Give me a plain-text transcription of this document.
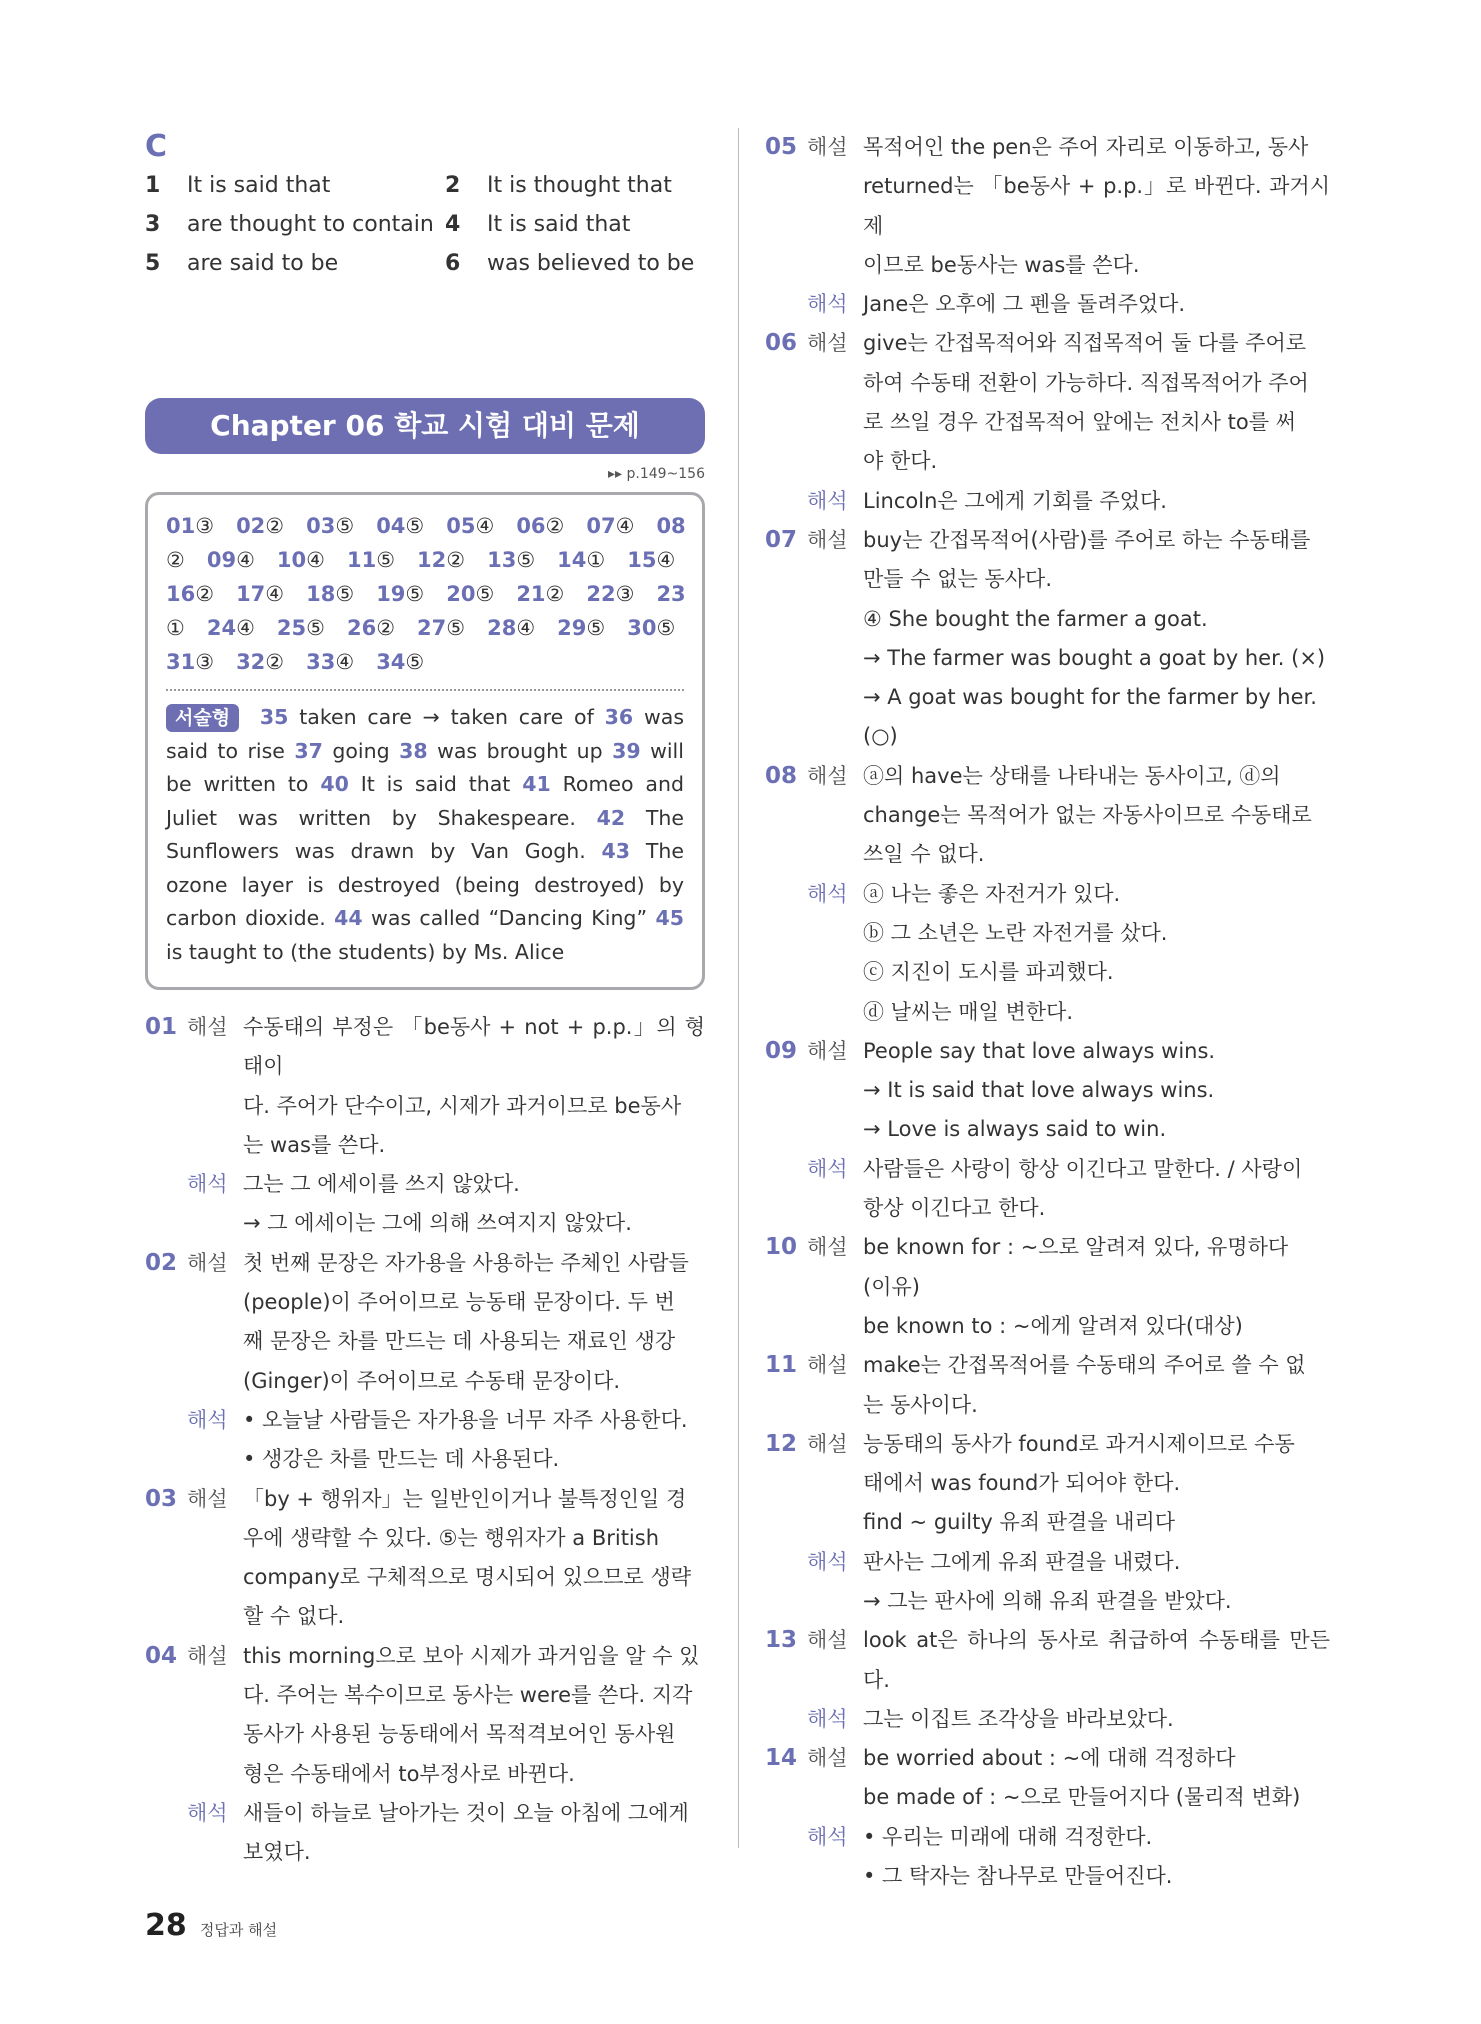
C
1 It is said that	2 It is thought that
3 are thought to contain 4 It is said that
5 are said to be	6 was believed to be
Chapter 06 학교 시험 대비 문제
▸▸ p.149~156
01③ 02② 03⑤ 04⑤ 05④ 06② 07④ 08
② 09④ 10④ 11⑤ 12② 13⑤ 14① 15④
16② 17④ 18⑤ 19⑤ 20⑤ 21② 22③ 23
① 24④ 25⑤ 26② 27⑤ 28④ 29⑤ 30⑤
31③ 32② 33④ 34⑤
서술형 35 taken care → taken care of 36 was said to rise 37 going 38 was brought up 39 will be written to 40 It is said that 41 Romeo and Juliet was written by Shakespeare. 42 The Sunflowers was drawn by Van Gogh. 43 The ozone layer is destroyed (being destroyed) by carbon dioxide. 44 was called “Dancing King” 45 is taught to (the students) by Ms. Alice
01 해설 수동태의 부정은 「be동사 + not + p.p.」의 형태이
다. 주어가 단수이고, 시제가 과거이므로 be동사
는 was를 쓴다.
해석 그는 그 에세이를 쓰지 않았다.
→ 그 에세이는 그에 의해 쓰여지지 않았다.
02 해설 첫 번째 문장은 자가용을 사용하는 주체인 사람들
(people)이 주어이므로 능동태 문장이다. 두 번
째 문장은 차를 만드는 데 사용되는 재료인 생강
(Ginger)이 주어이므로 수동태 문장이다.
해석 • 오늘날 사람들은 자가용을 너무 자주 사용한다.
• 생강은 차를 만드는 데 사용된다.
03 해설 「by + 행위자」는 일반인이거나 불특정인일 경
우에 생략할 수 있다. ⑤는 행위자가 a British
company로 구체적으로 명시되어 있으므로 생략
할 수 없다.
04 해설 this morning으로 보아 시제가 과거임을 알 수 있
다. 주어는 복수이므로 동사는 were를 쓴다. 지각
동사가 사용된 능동태에서 목적격보어인 동사원
형은 수동태에서 to부정사로 바뀐다.
해석 새들이 하늘로 날아가는 것이 오늘 아침에 그에게
보였다.
05 해설 목적어인 the pen은 주어 자리로 이동하고, 동사
returned는 「be동사 + p.p.」로 바뀐다. 과거시제
이므로 be동사는 was를 쓴다.
해석 Jane은 오후에 그 펜을 돌려주었다.
06 해설 give는 간접목적어와 직접목적어 둘 다를 주어로
하여 수동태 전환이 가능하다. 직접목적어가 주어
로 쓰일 경우 간접목적어 앞에는 전치사 to를 써
야 한다.
해석 Lincoln은 그에게 기회를 주었다.
07 해설 buy는 간접목적어(사람)를 주어로 하는 수동태를
만들 수 없는 동사다.
④ She bought the farmer a goat.
→ The farmer was bought a goat by her. (×)
→ A goat was bought for the farmer by her.
(○)
08 해설 ⓐ의 have는 상태를 나타내는 동사이고, ⓓ의
change는 목적어가 없는 자동사이므로 수동태로
쓰일 수 없다.
해석 ⓐ 나는 좋은 자전거가 있다.
ⓑ 그 소년은 노란 자전거를 샀다.
ⓒ 지진이 도시를 파괴했다.
ⓓ 날씨는 매일 변한다.
09 해설 People say that love always wins.
→ It is said that love always wins.
→ Love is always said to win.
해석 사람들은 사랑이 항상 이긴다고 말한다. / 사랑이
항상 이긴다고 한다.
10 해설 be known for : ~으로 알려져 있다, 유명하다
(이유)
be known to : ~에게 알려져 있다(대상)
11 해설 make는 간접목적어를 수동태의 주어로 쓸 수 없
는 동사이다.
12 해설 능동태의 동사가 found로 과거시제이므로 수동
태에서 was found가 되어야 한다.
find ~ guilty 유죄 판결을 내리다
해석 판사는 그에게 유죄 판결을 내렸다.
→ 그는 판사에 의해 유죄 판결을 받았다.
13 해설 look at은 하나의 동사로 취급하여 수동태를 만든다.
해석 그는 이집트 조각상을 바라보았다.
14 해설 be worried about : ~에 대해 걱정하다
be made of : ~으로 만들어지다 (물리적 변화)
해석 • 우리는 미래에 대해 걱정한다.
• 그 탁자는 참나무로 만들어진다.
28 정답과 해설
